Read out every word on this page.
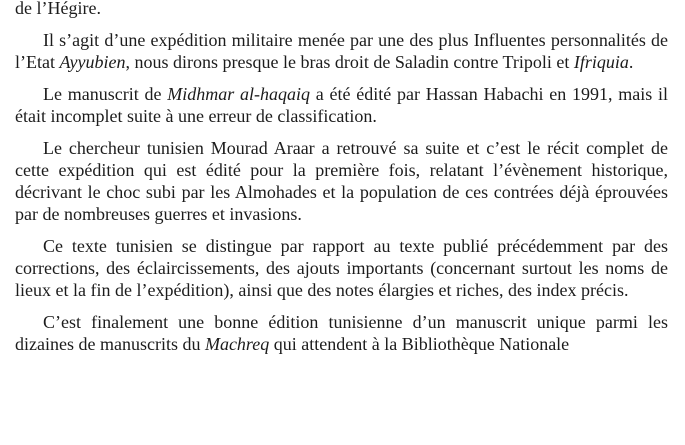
de l’Hégire.

Il s’agit d’une expédition militaire menée par une des plus Influentes personnalités de l’Etat Ayyubien, nous dirons presque le bras droit de Saladin contre Tripoli et Ifriquia.

Le manuscrit de Midhmar al-haqaiq a été édité par Hassan Habachi en 1991, mais il était incomplet suite à une erreur de classification.

Le chercheur tunisien Mourad Araar a retrouvé sa suite et c’est le récit complet de cette expédition qui est édité pour la première fois, relatant l’évènement historique, décrivant le choc subi par les Almohades et la population de ces contrées déjà éprouvées par de nombreuses guerres et invasions.

Ce texte tunisien se distingue par rapport au texte publié précédemment par des corrections, des éclaircissements, des ajouts importants (concernant surtout les noms de lieux et la fin de l’expédition), ainsi que des notes élargies et riches, des index précis.

C’est finalement une bonne édition tunisienne d’un manuscrit unique parmi les dizaines de manuscrits du Machreq qui attendent à la Bibliothèque Nationale
